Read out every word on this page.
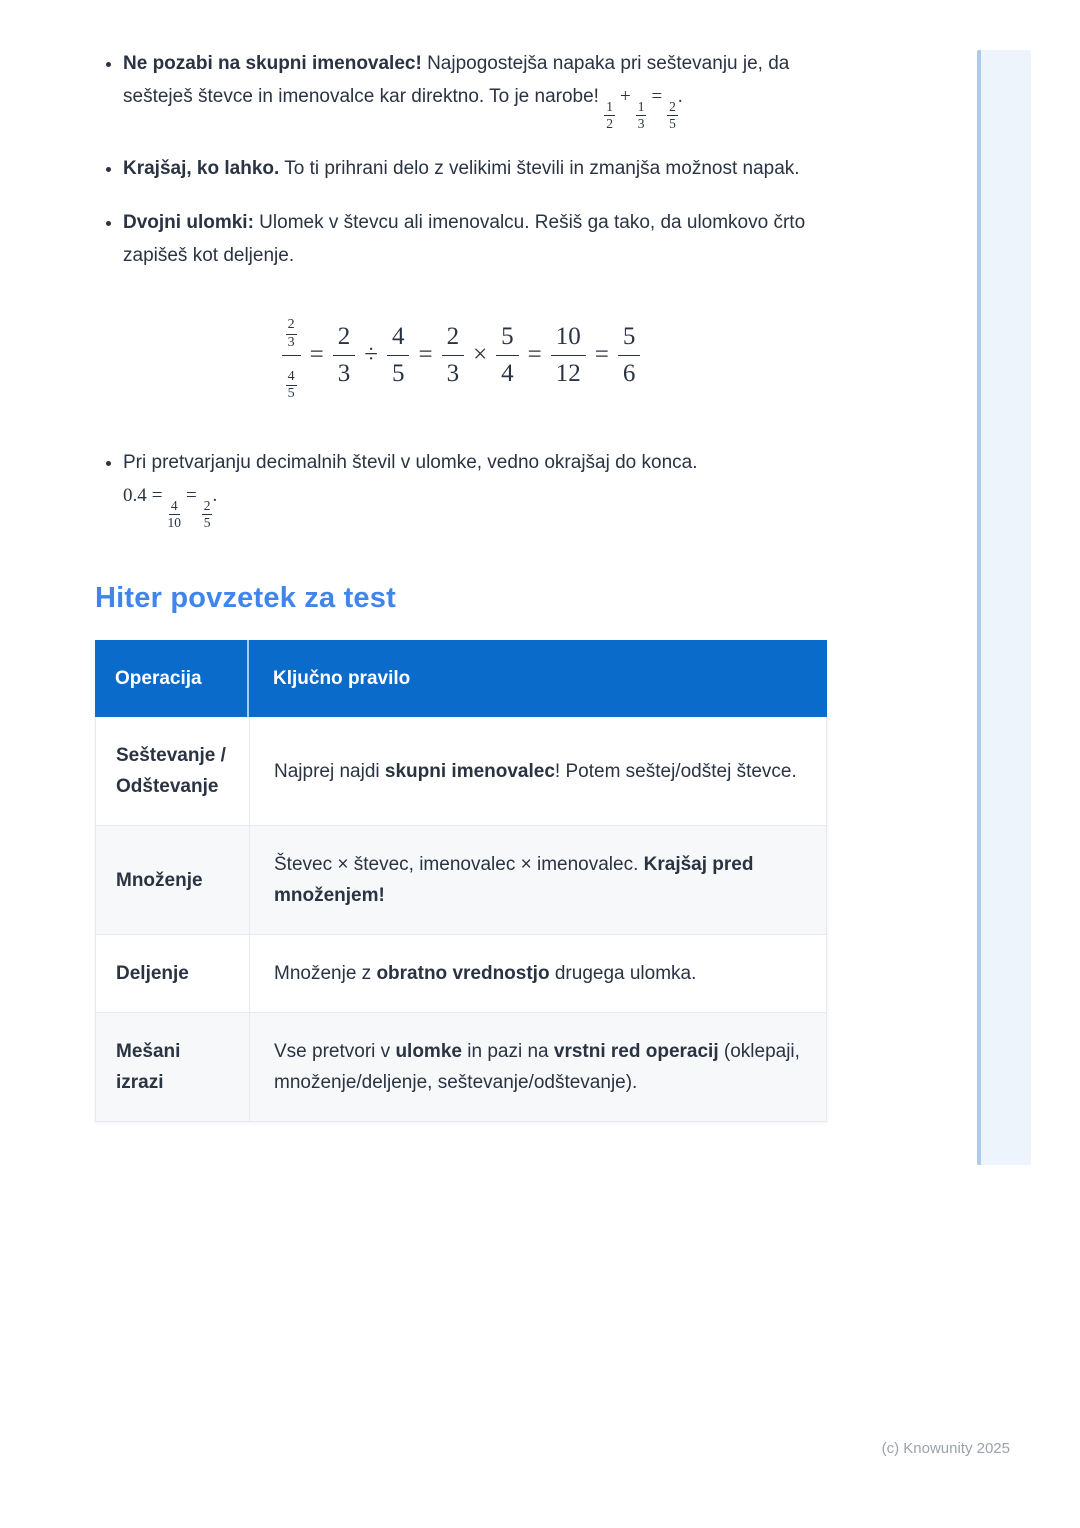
• Ne pozabi na skupni imenovalec! Najpogostejša napaka pri seštevanju je, da sešteješ števce in imenovalce kar direktno. To je narobe!
$\frac{1}{2}$
+
$\frac{1}{3}$
=
$\frac{2}{5}$
.
• Krajšaj, ko lahko. To ti prihrani delo z velikimi števili in zmanjša možnost napak.
• Dvojni ulomki: Ulomek v števcu ali imenovalcu. Rešiš ga tako, da ulomkovo črto zapišeš kot deljenje.
$\frac{\frac{2}{3}}{\frac{4}{5}} = \frac{2}{3} \div \frac{4}{5} = \frac{2}{3} \times \frac{5}{4} = \frac{10}{12} = \frac{5}{6}$
• Pri pretvarjanju decimalnih števil v ulomke, vedno okrajšaj do konca.
0.4 =
$\frac{4}{10}$
=
$\frac{2}{5}$
.
Hiter povzetek za test
Operacija	Ključno pravilo
Seštevanje / Odštevanje
Najprej najdi skupni imenovalec! Potem seštej/odštej števce.
Množenje
Števec × števec, imenovalec × imenovalec. Krajšaj pred množenjem!
Deljenje	Množenje z obratno vrednostjo drugega ulomka.
Mešani izrazi
Vse pretvori v ulomke in pazi na vrstni red operacij (oklepaji, množenje/deljenje, seštevanje/odštevanje).
(c) Knowunity 2025
